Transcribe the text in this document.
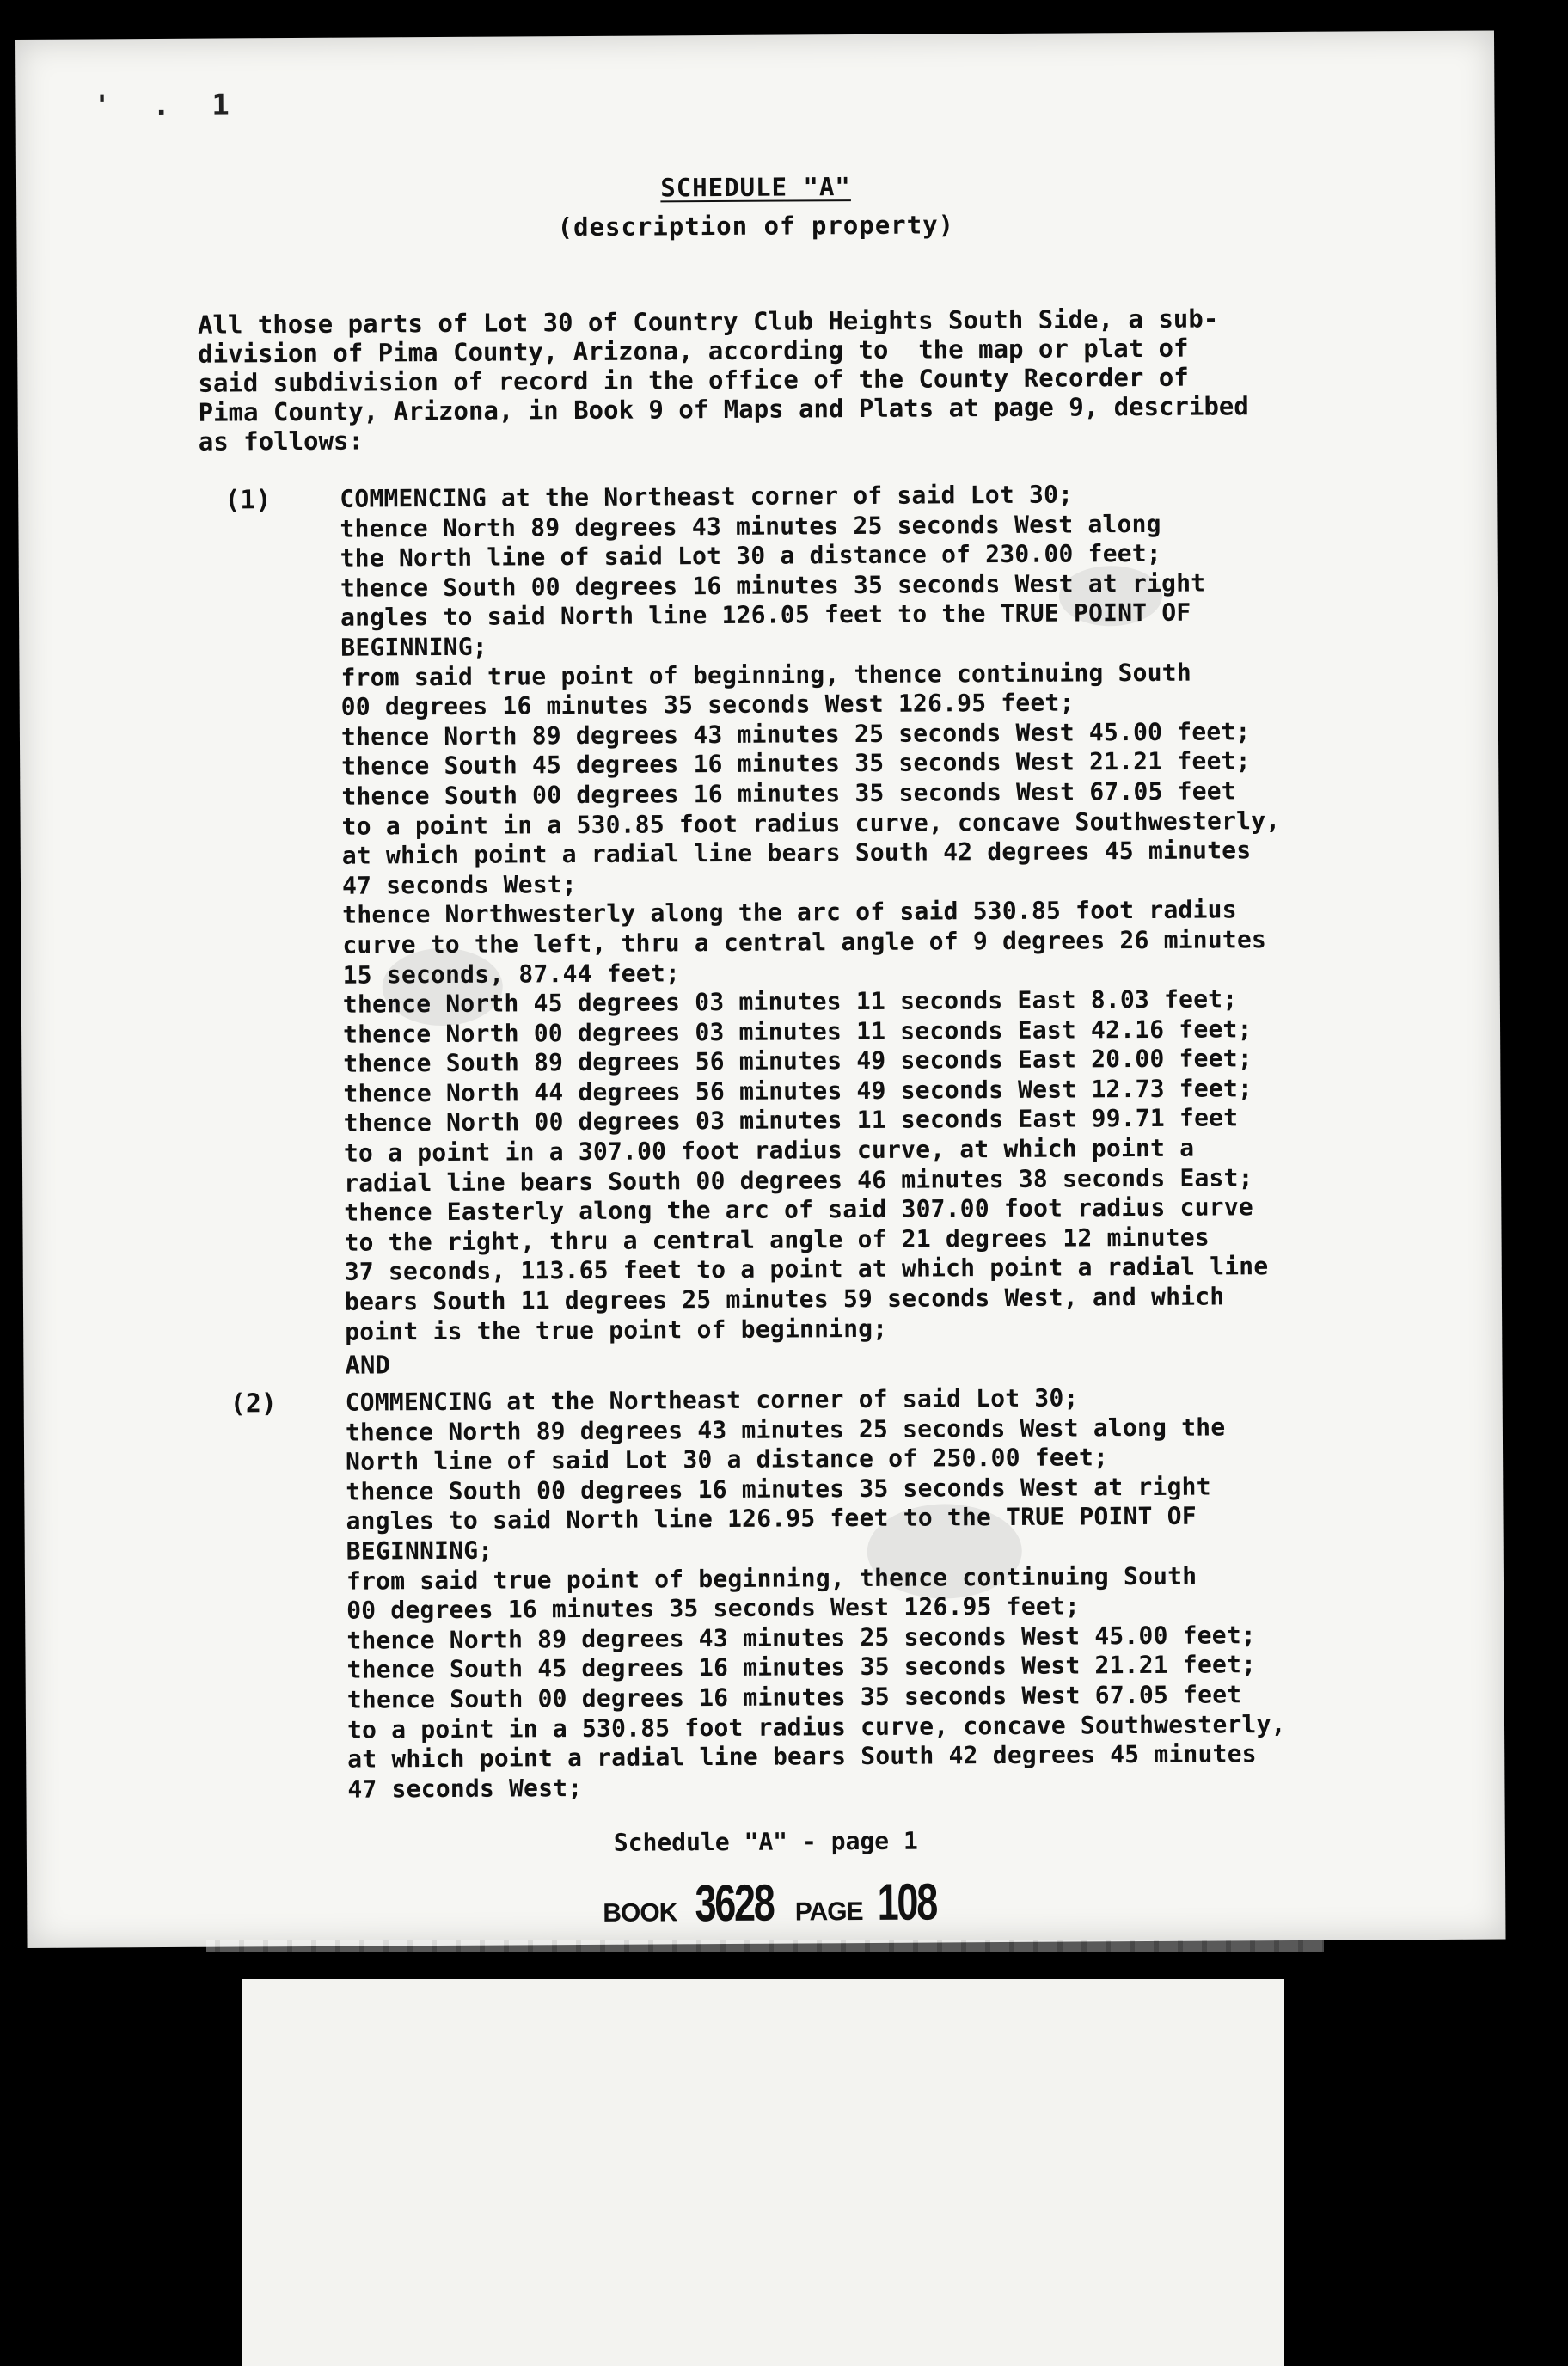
' . 1
SCHEDULE "A"
(description of property)
All those parts of Lot 30 of Country Club Heights South Side, a sub-
division of Pima County, Arizona, according to  the map or plat of
said subdivision of record in the office of the County Recorder of
Pima County, Arizona, in Book 9 of Maps and Plats at page 9, described
as follows:
(1)	COMMENCING at the Northeast corner of said Lot 30;
thence North 89 degrees 43 minutes 25 seconds West along
the North line of said Lot 30 a distance of 230.00 feet;
thence South 00 degrees 16 minutes 35 seconds West at right
angles to said North line 126.05 feet to the TRUE POINT OF
BEGINNING;
from said true point of beginning, thence continuing South
00 degrees 16 minutes 35 seconds West 126.95 feet;
thence North 89 degrees 43 minutes 25 seconds West 45.00 feet;
thence South 45 degrees 16 minutes 35 seconds West 21.21 feet;
thence South 00 degrees 16 minutes 35 seconds West 67.05 feet
to a point in a 530.85 foot radius curve, concave Southwesterly,
at which point a radial line bears South 42 degrees 45 minutes
47 seconds West;
thence Northwesterly along the arc of said 530.85 foot radius
curve to the left, thru a central angle of 9 degrees 26 minutes
15 seconds, 87.44 feet;
thence North 45 degrees 03 minutes 11 seconds East 8.03 feet;
thence North 00 degrees 03 minutes 11 seconds East 42.16 feet;
thence South 89 degrees 56 minutes 49 seconds East 20.00 feet;
thence North 44 degrees 56 minutes 49 seconds West 12.73 feet;
thence North 00 degrees 03 minutes 11 seconds East 99.71 feet
to a point in a 307.00 foot radius curve, at which point a
radial line bears South 00 degrees 46 minutes 38 seconds East;
thence Easterly along the arc of said 307.00 foot radius curve
to the right, thru a central angle of 21 degrees 12 minutes
37 seconds, 113.65 feet to a point at which point a radial line
bears South 11 degrees 25 minutes 59 seconds West, and which
point is the true point of beginning;
AND
(2)	COMMENCING at the Northeast corner of said Lot 30;
thence North 89 degrees 43 minutes 25 seconds West along the
North line of said Lot 30 a distance of 250.00 feet;
thence South 00 degrees 16 minutes 35 seconds West at right
angles to said North line 126.95 feet to the TRUE POINT OF
BEGINNING;
from said true point of beginning, thence continuing South
00 degrees 16 minutes 35 seconds West 126.95 feet;
thence North 89 degrees 43 minutes 25 seconds West 45.00 feet;
thence South 45 degrees 16 minutes 35 seconds West 21.21 feet;
thence South 00 degrees 16 minutes 35 seconds West 67.05 feet
to a point in a 530.85 foot radius curve, concave Southwesterly,
at which point a radial line bears South 42 degrees 45 minutes
47 seconds West;
Schedule "A" - page 1
BOOK 3628 PAGE 108
